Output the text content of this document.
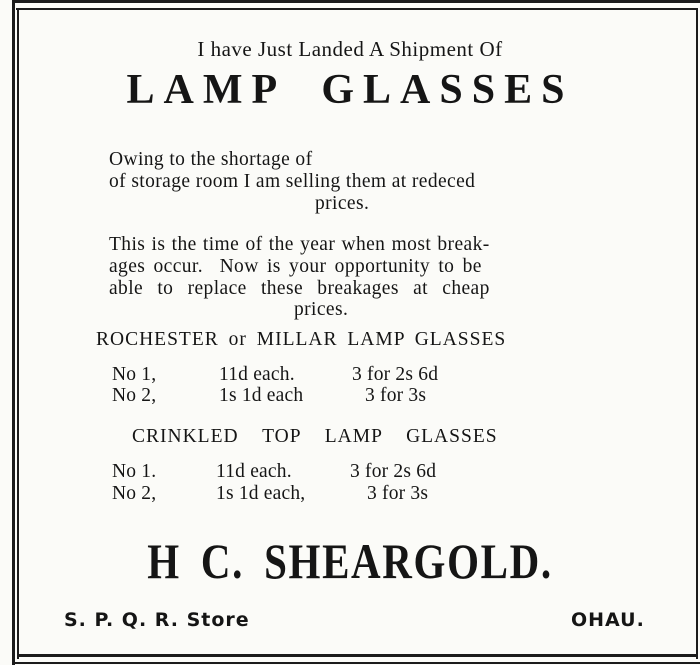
I have Just Landed A Shipment Of

LAMP GLASSES

Owing to the shortage of

of storage room I am selling them at redeced

prices.

This is the time of the year when most break-

ages occur.  Now is your opportunity to be

able to replace these breakages at cheap

prices.

ROCHESTER or MILLAR LAMP GLASSES

No 1,	11d each.	3 for 2s 6d
No 2,	1s 1d each	3 for 3s

CRINKLED TOP LAMP GLASSES

No 1.	11d each.	3 for 2s 6d
No 2,	1s 1d each,	3 for 3s

H C. SHEARGOLD.

S. P. Q. R. Store	OHAU.
